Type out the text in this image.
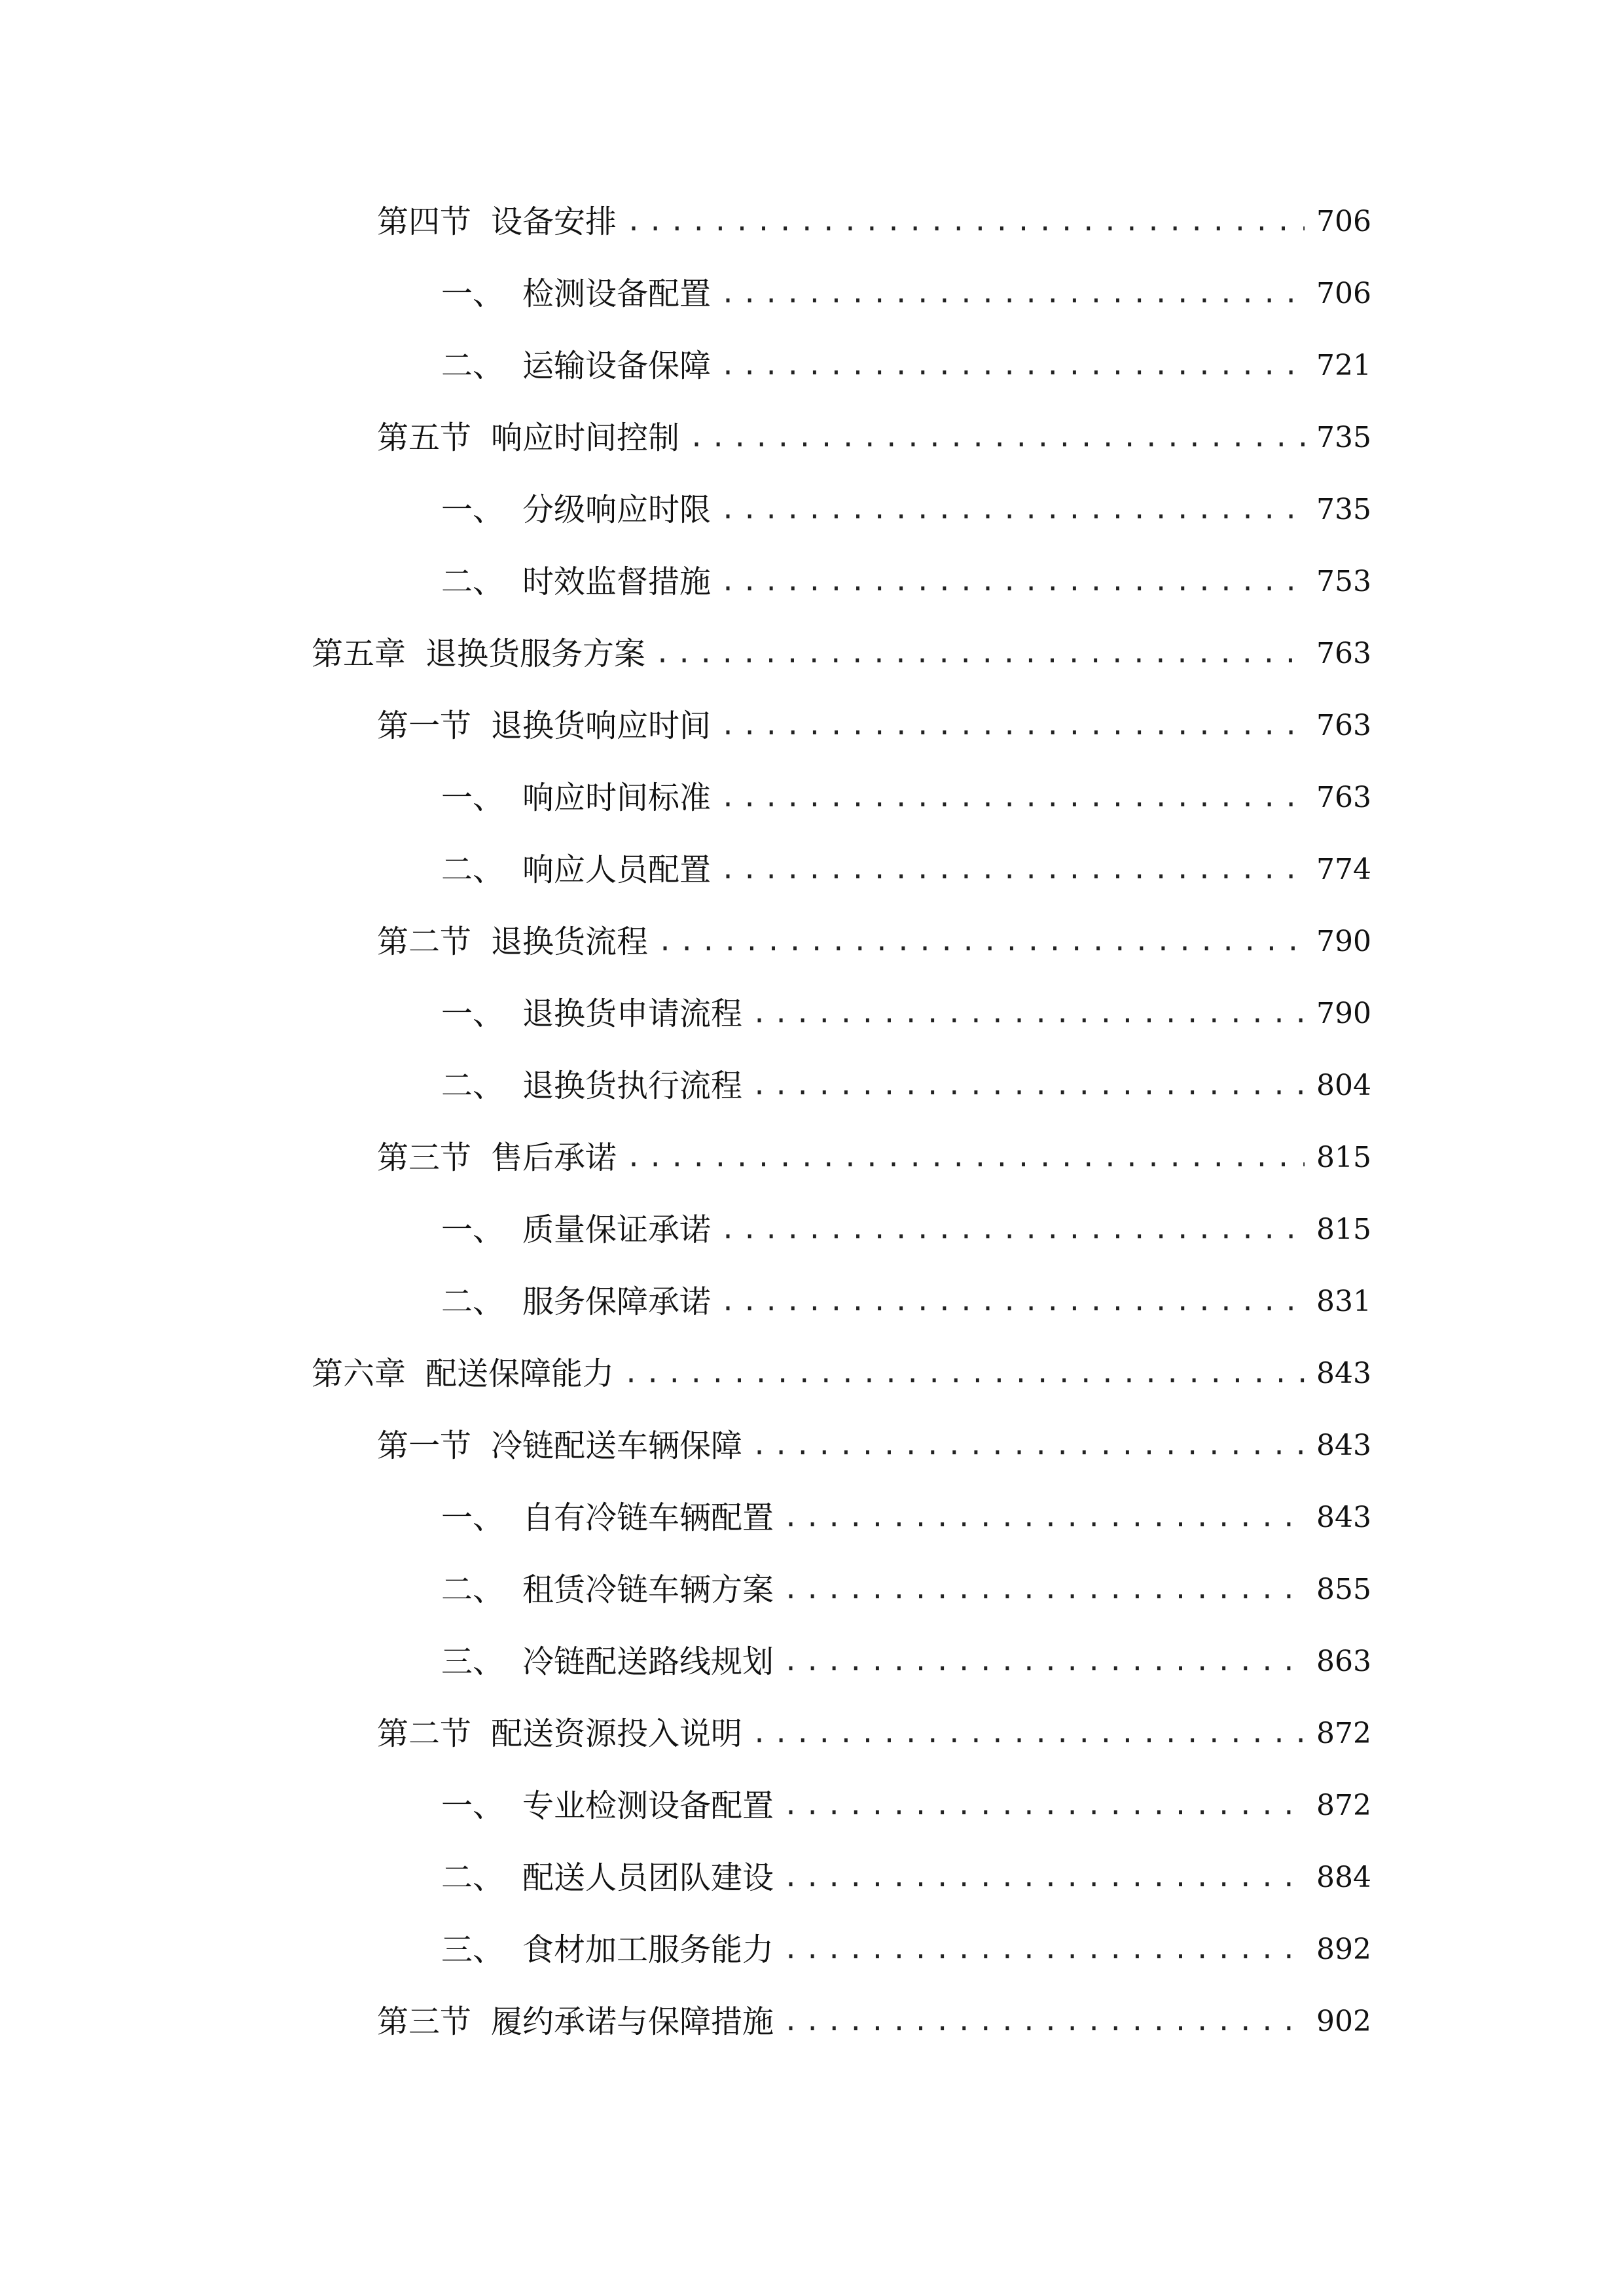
第四节 设备安排 .....	706
一、 检测设备配置 .....	706
二、 运输设备保障 .....	721
第五节 响应时间控制 .....	735
一、 分级响应时限 .....	735
二、 时效监督措施 .....	753
第五章 退换货服务方案 .....	763
第一节 退换货响应时间 .....	763
一、 响应时间标准 .....	763
二、 响应人员配置 .....	774
第二节 退换货流程 .....	790
一、 退换货申请流程 .....	790
二、 退换货执行流程 .....	804
第三节 售后承诺 .....	815
一、 质量保证承诺 .....	815
二、 服务保障承诺 .....	831
第六章 配送保障能力 .....	843
第一节 冷链配送车辆保障 .....	843
一、 自有冷链车辆配置 .....	843
二、 租赁冷链车辆方案 .....	855
三、 冷链配送路线规划 .....	863
第二节 配送资源投入说明 .....	872
一、 专业检测设备配置 .....	872
二、 配送人员团队建设 .....	884
三、 食材加工服务能力 .....	892
第三节 履约承诺与保障措施 .....	902
